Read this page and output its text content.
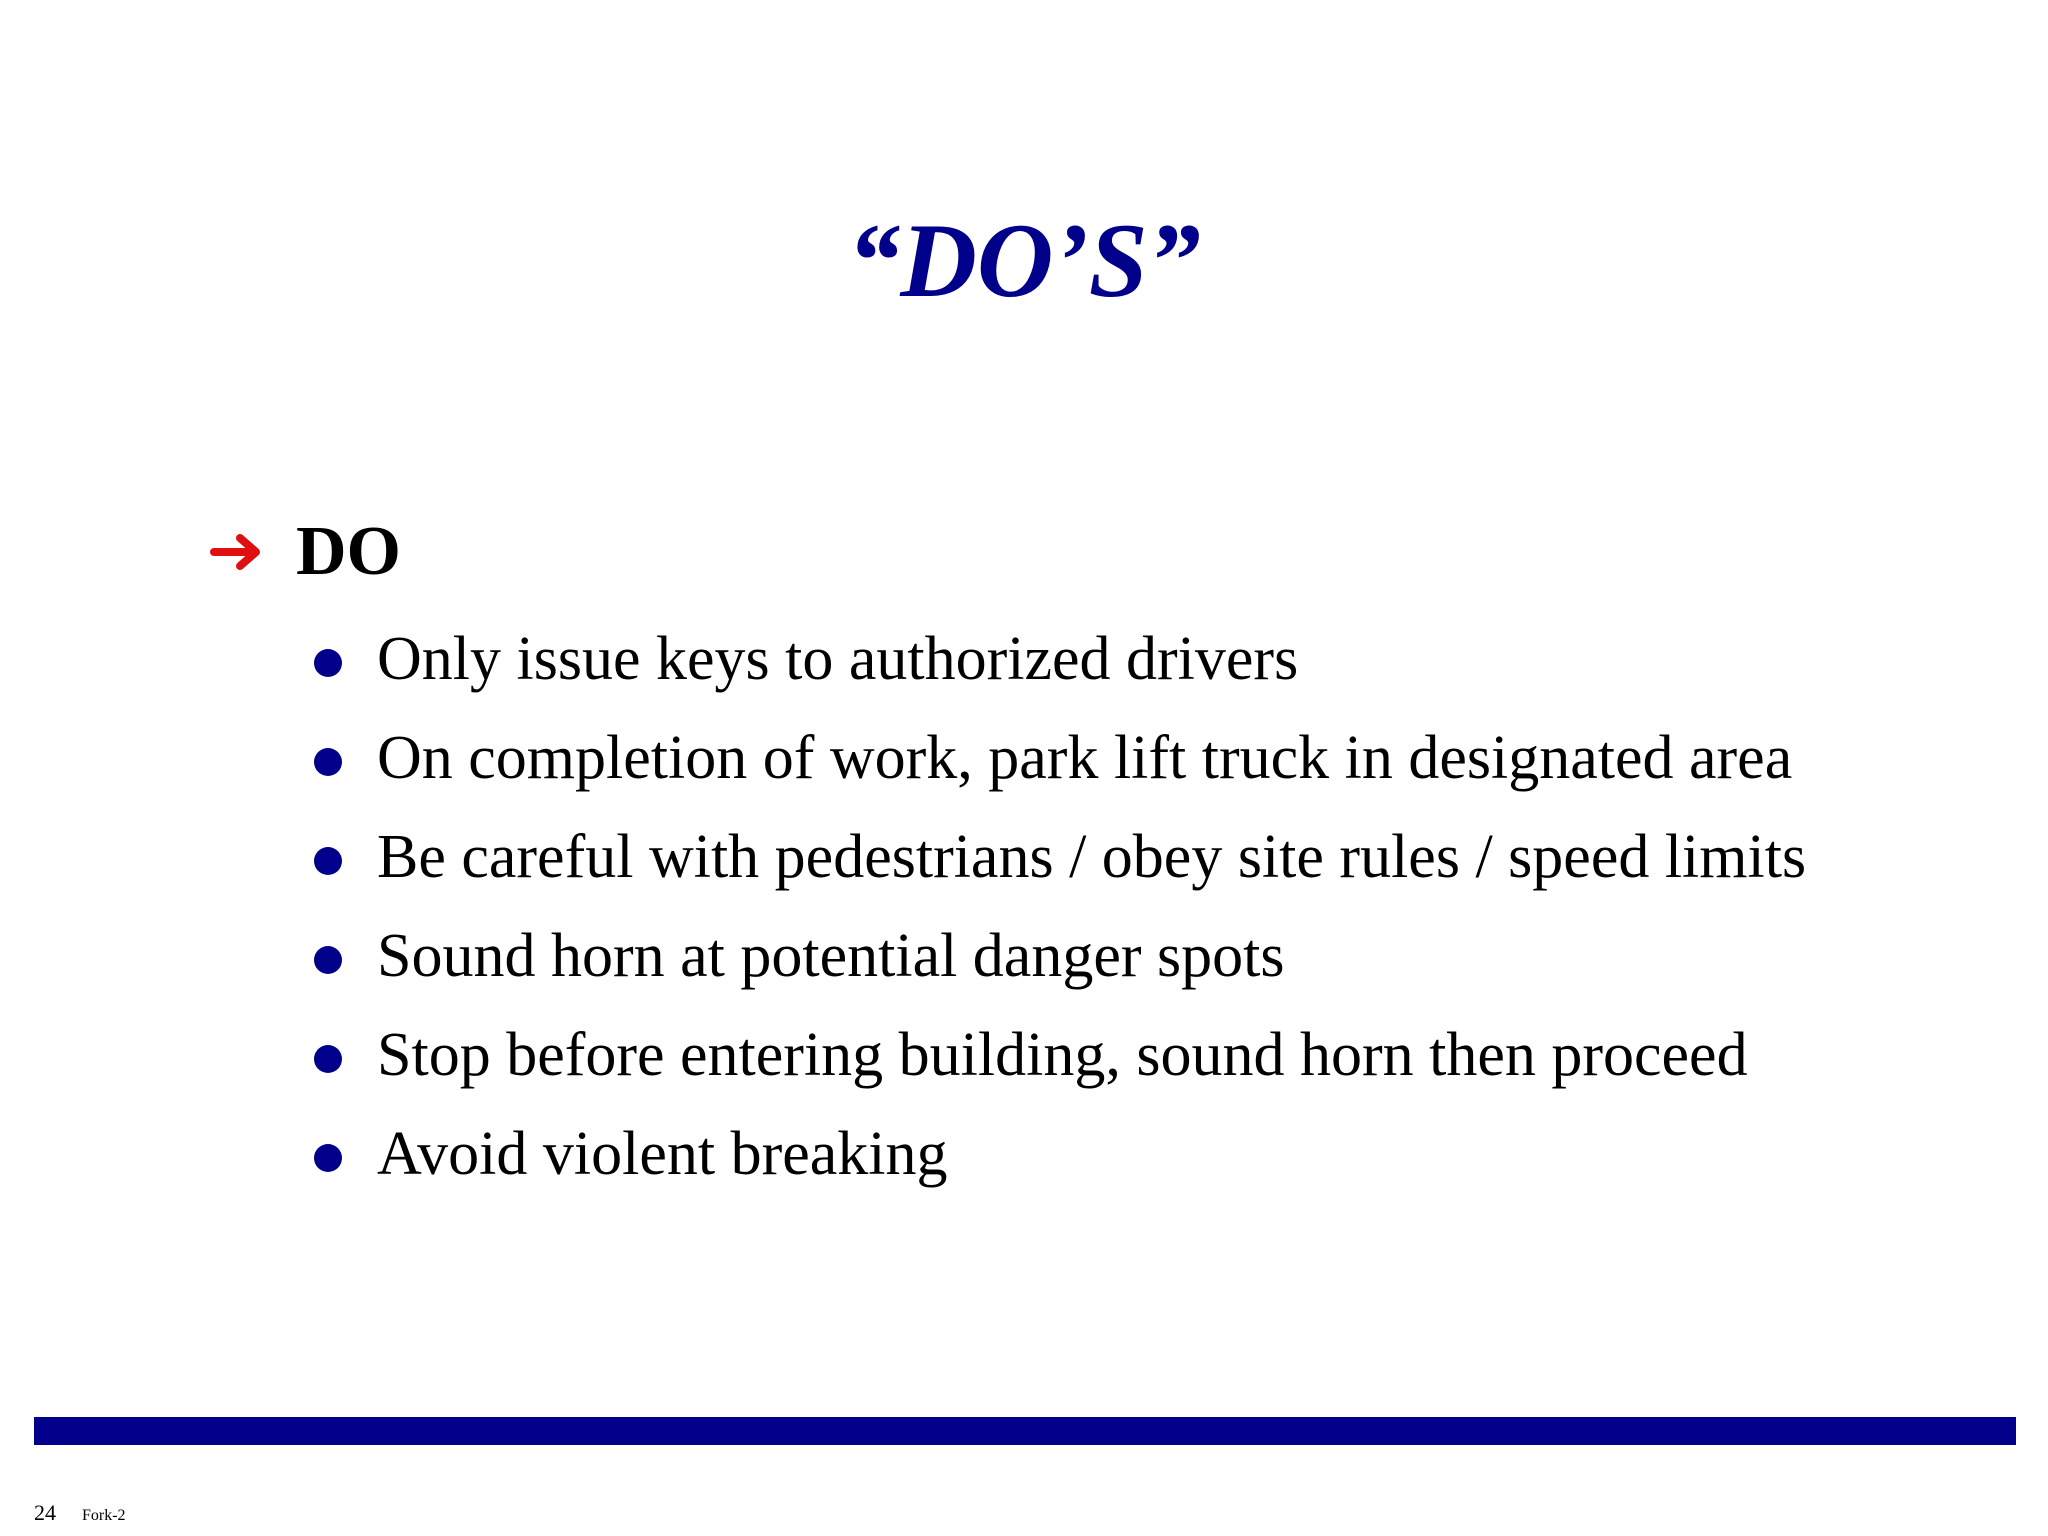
“DO’S”
DO
Only issue keys to authorized drivers
On completion of work, park lift truck in designated area
Be careful with pedestrians / obey site rules / speed limits
Sound horn at potential danger spots
Stop before entering building, sound horn then proceed
Avoid violent breaking
24 Fork-2
